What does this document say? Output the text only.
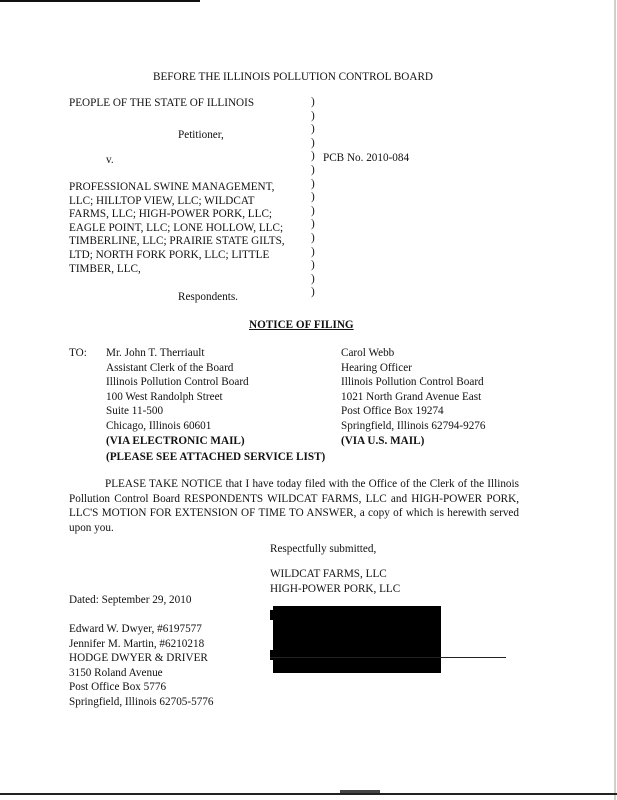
BEFORE THE ILLINOIS POLLUTION CONTROL BOARD
PEOPLE OF THE STATE OF ILLINOIS
Petitioner,
v.
PROFESSIONAL SWINE MANAGEMENT,
LLC; HILLTOP VIEW, LLC; WILDCAT
FARMS, LLC; HIGH-POWER PORK, LLC;
EAGLE POINT, LLC; LONE HOLLOW, LLC;
TIMBERLINE, LLC; PRAIRIE STATE GILTS,
LTD; NORTH FORK PORK, LLC; LITTLE
TIMBER, LLC,
Respondents.
)
)
)
)
)
)
)
)
)
)
)
)
)
)
)
PCB No. 2010-084
NOTICE OF FILING
TO: Mr. John T. Therriault
Assistant Clerk of the Board
Illinois Pollution Control Board
100 West Randolph Street
Suite 11-500
Chicago, Illinois 60601
(VIA ELECTRONIC MAIL)
Carol Webb
Hearing Officer
Illinois Pollution Control Board
1021 North Grand Avenue East
Post Office Box 19274
Springfield, Illinois 62794-9276
(VIA U.S. MAIL)
(PLEASE SEE ATTACHED SERVICE LIST)
PLEASE TAKE NOTICE that I have today filed with the Office of the Clerk of the Illinois Pollution Control Board RESPONDENTS WILDCAT FARMS, LLC and HIGH-POWER PORK, LLC'S MOTION FOR EXTENSION OF TIME TO ANSWER, a copy of which is herewith served upon you.
Respectfully submitted,
WILDCAT FARMS, LLC
HIGH-POWER PORK, LLC
Dated: September 29, 2010
Edward W. Dwyer, #6197577
Jennifer M. Martin, #6210218
HODGE DWYER & DRIVER
3150 Roland Avenue
Post Office Box 5776
Springfield, Illinois 62705-5776
